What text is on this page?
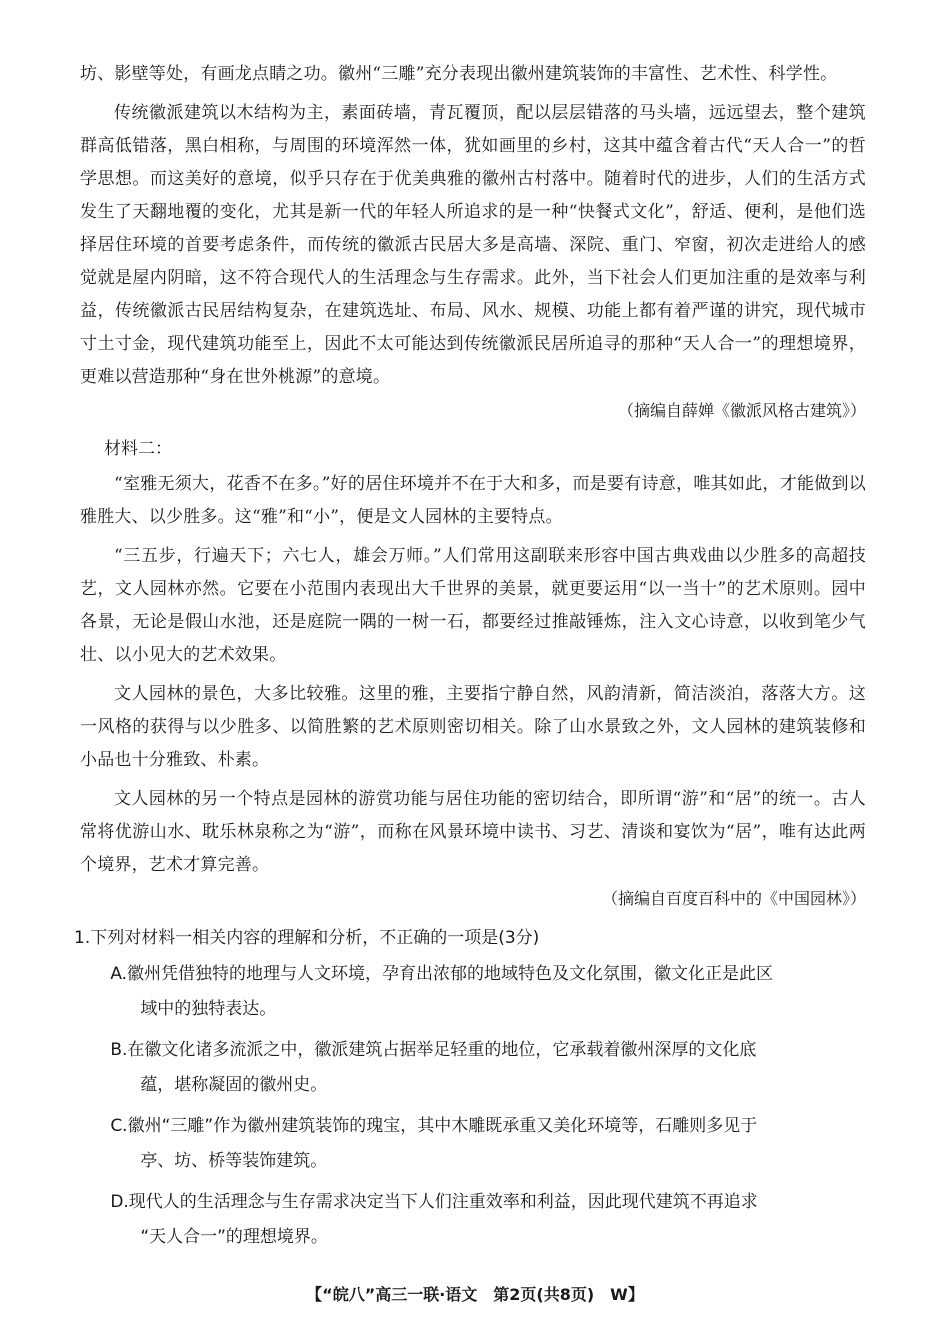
坊、影壁等处，有画龙点睛之功。徽州“三雕”充分表现出徽州建筑装饰的丰富性、艺术性、科学性。

传统徽派建筑以木结构为主，素面砖墙，青瓦覆顶，配以层层错落的马头墙，远远望去，整个建筑群高低错落，黑白相称，与周围的环境浑然一体，犹如画里的乡村，这其中蕴含着古代“天人合一”的哲学思想。而这美好的意境，似乎只存在于优美典雅的徽州古村落中。随着时代的进步，人们的生活方式发生了天翻地覆的变化，尤其是新一代的年轻人所追求的是一种“快餐式文化”，舒适、便利，是他们选择居住环境的首要考虑条件，而传统的徽派古民居大多是高墙、深院、重门、窄窗，初次走进给人的感觉就是屋内阴暗，这不符合现代人的生活理念与生存需求。此外，当下社会人们更加注重的是效率与利益，传统徽派古民居结构复杂，在建筑选址、布局、风水、规模、功能上都有着严谨的讲究，现代城市寸土寸金，现代建筑功能至上，因此不太可能达到传统徽派民居所追寻的那种“天人合一”的理想境界，更难以营造那种“身在世外桃源”的意境。

（摘编自薛婵《徽派风格古建筑》）

材料二：

“室雅无须大，花香不在多。”好的居住环境并不在于大和多，而是要有诗意，唯其如此，才能做到以雅胜大、以少胜多。这“雅”和“小”，便是文人园林的主要特点。

“三五步，行遍天下；六七人，雄会万师。”人们常用这副联来形容中国古典戏曲以少胜多的高超技艺，文人园林亦然。它要在小范围内表现出大千世界的美景，就更要运用“以一当十”的艺术原则。园中各景，无论是假山水池，还是庭院一隅的一树一石，都要经过推敲锤炼，注入文心诗意，以收到笔少气壮、以小见大的艺术效果。

文人园林的景色，大多比较雅。这里的雅，主要指宁静自然，风韵清新，简洁淡泊，落落大方。这一风格的获得与以少胜多、以简胜繁的艺术原则密切相关。除了山水景致之外，文人园林的建筑装修和小品也十分雅致、朴素。

文人园林的另一个特点是园林的游赏功能与居住功能的密切结合，即所谓“游”和“居”的统一。古人常将优游山水、耽乐林泉称之为“游”，而称在风景环境中读书、习艺、清谈和宴饮为“居”，唯有达此两个境界，艺术才算完善。

（摘编自百度百科中的《中国园林》）

1.下列对材料一相关内容的理解和分析，不正确的一项是(3分)

A.徽州凭借独特的地理与人文环境，孕育出浓郁的地域特色及文化氛围，徽文化正是此区
域中的独特表达。
B.在徽文化诸多流派之中，徽派建筑占据举足轻重的地位，它承载着徽州深厚的文化底
蕴，堪称凝固的徽州史。
C.徽州“三雕”作为徽州建筑装饰的瑰宝，其中木雕既承重又美化环境等，石雕则多见于
亭、坊、桥等装饰建筑。
D.现代人的生活理念与生存需求决定当下人们注重效率和利益，因此现代建筑不再追求
“天人合一”的理想境界。
【“皖八”高三一联·语文　第2页(共8页)　W】
